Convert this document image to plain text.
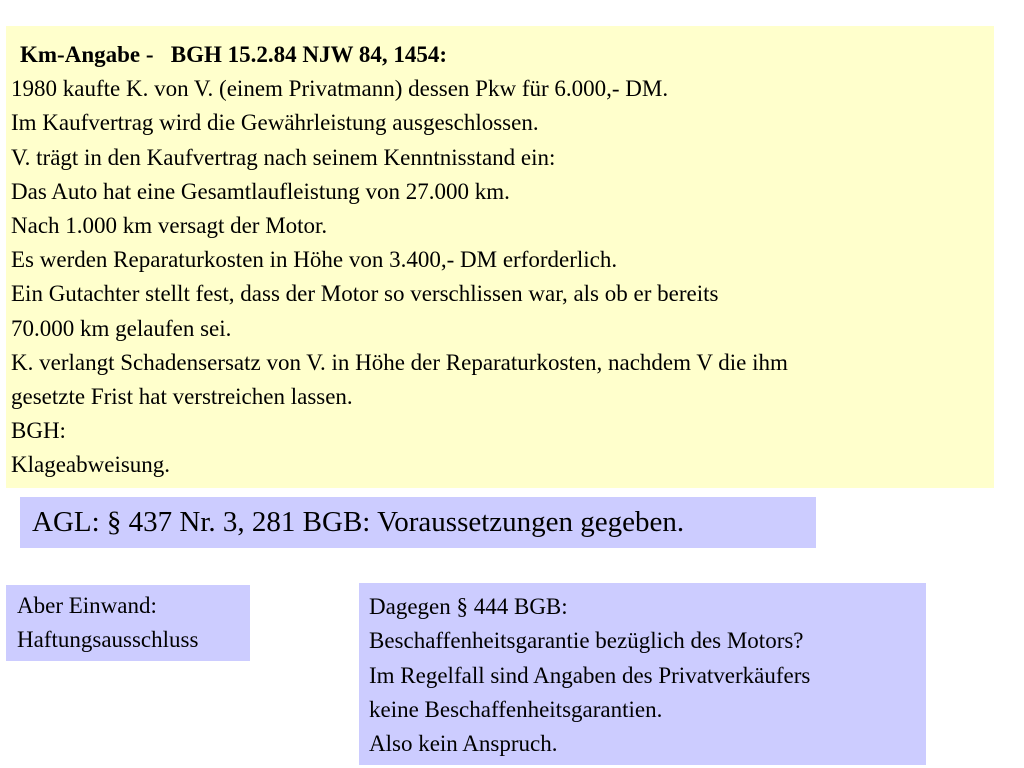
Km-Angabe -   BGH 15.2.84 NJW 84, 1454:
1980 kaufte K. von V. (einem Privatmann) dessen Pkw für 6.000,- DM.
Im Kaufvertrag wird die Gewährleistung ausgeschlossen.
V. trägt in den Kaufvertrag nach seinem Kenntnisstand ein:
Das Auto hat eine Gesamtlaufleistung von 27.000 km.
Nach 1.000 km versagt der Motor.
Es werden Reparaturkosten in Höhe von 3.400,- DM erforderlich.
Ein Gutachter stellt fest, dass der Motor so verschlissen war, als ob er bereits
70.000 km gelaufen sei.
K. verlangt Schadensersatz von V. in Höhe der Reparaturkosten, nachdem V die ihm
gesetzte Frist hat verstreichen lassen.
BGH:
Klageabweisung.
AGL: § 437 Nr. 3, 281 BGB: Voraussetzungen gegeben.
Aber Einwand:
Haftungsausschluss
Dagegen § 444 BGB:
Beschaffenheitsgarantie bezüglich des Motors?
Im Regelfall sind Angaben des Privatverkäufers
keine Beschaffenheitsgarantien.
Also kein Anspruch.
